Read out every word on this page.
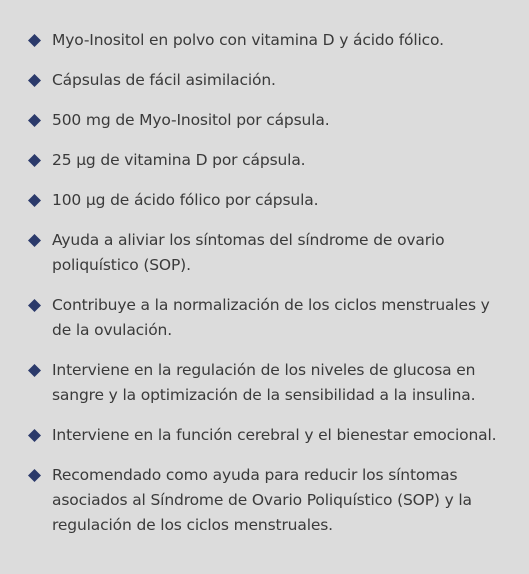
Myo-Inositol en polvo con vitamina D y ácido fólico.
Cápsulas de fácil asimilación.
500 mg de Myo-Inositol por cápsula.
25 µg de vitamina D por cápsula.
100 µg de ácido fólico por cápsula.
Ayuda a aliviar los síntomas del síndrome de ovario poliquístico (SOP).
Contribuye a la normalización de los ciclos menstruales y de la ovulación.
Interviene en la regulación de los niveles de glucosa en sangre y la optimización de la sensibilidad a la insulina.
Interviene en la función cerebral y el bienestar emocional.
Recomendado como ayuda para reducir los síntomas asociados al Síndrome de Ovario Poliquístico (SOP) y la regulación de los ciclos menstruales.
